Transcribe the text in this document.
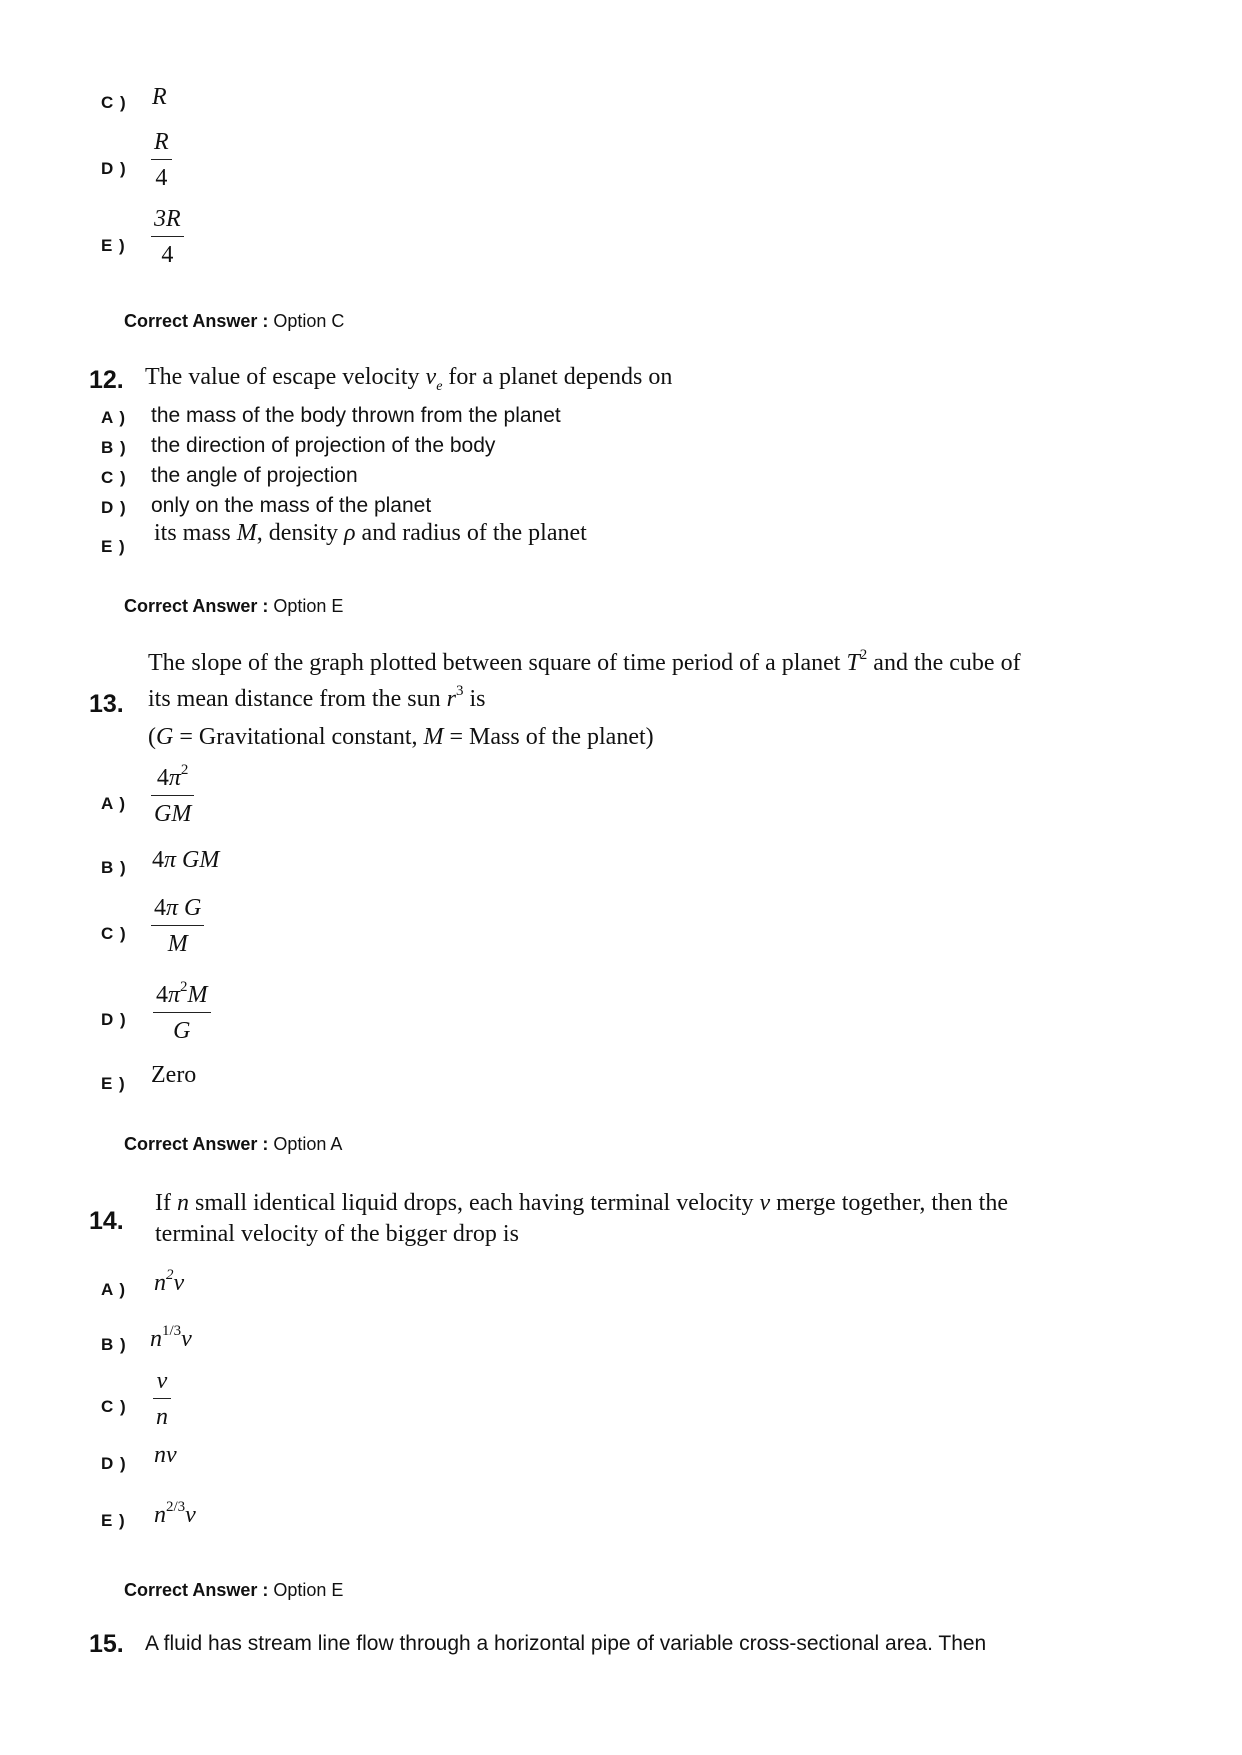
C ) R
D )
R
4
E )
3R
4
Correct Answer : Option C
12. The value of escape velocity $v_e$ for a planet depends on
A ) the mass of the body thrown from the planet
B ) the direction of projection of the body
C ) the angle of projection
D ) only on the mass of the planet
E )
its mass M, density ρ and radius of the planet
Correct Answer : Option E
The slope of the graph plotted between square of time period of a planet $T^2$ and the cube of
13. its mean distance from the sun $r^3$ is
(G = Gravitational constant, M = Mass of the planet)
A )
$4\pi^2$
GM
B ) 4π GM
C )
4π G
M
D )
$4\pi^2M$
G
E ) Zero
Correct Answer : Option A
14.
If n small identical liquid drops, each having terminal velocity v merge together, then the
terminal velocity of the bigger drop is
A ) $n^2v$
B ) $n^{1/3}v$
C )
v
n
D ) nv
E ) $n^{2/3}v$
Correct Answer : Option E
15. A fluid has stream line flow through a horizontal pipe of variable cross-sectional area. Then
